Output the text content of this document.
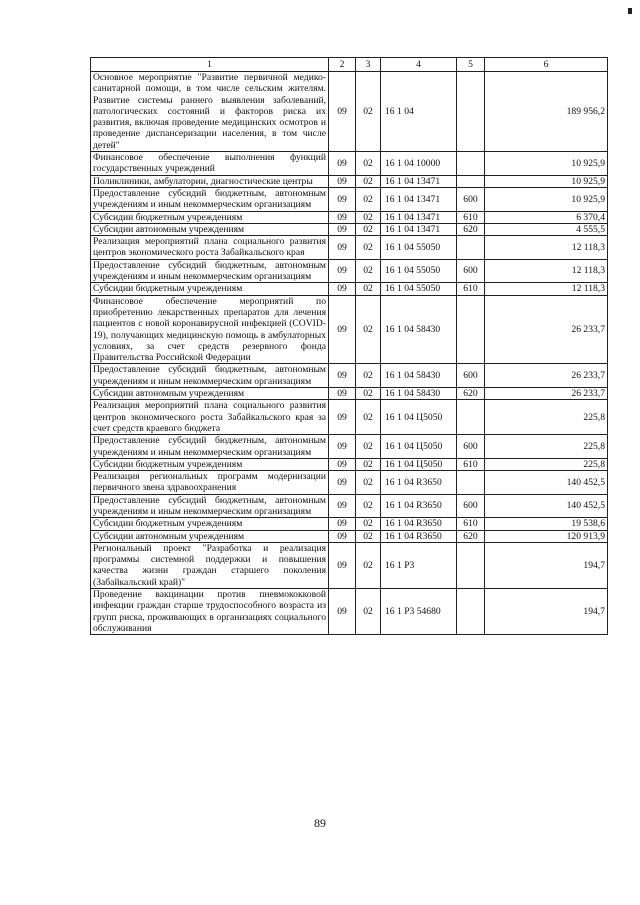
1	2	3	4	5	6
Основное мероприятие "Развитие первичной медико-санитарной помощи, в том числе сельским жителям. Развитие системы раннего выявления заболеваний, патологических состояний и факторов риска их развития, включая проведение медицинских осмотров и проведение диспансеризации населения, в том числе детей"	09	02	16 1 04		189 956,2
Финансовое обеспечение выполнения функций государственных учреждений	09	02	16 1 04 10000		10 925,9
Поликлиники, амбулатории, диагностические центры	09	02	16 1 04 13471		10 925,9
Предоставление субсидий бюджетным, автономным учреждениям и иным некоммерческим организациям	09	02	16 1 04 13471	600	10 925,9
Субсидии бюджетным учреждениям	09	02	16 1 04 13471	610	6 370,4
Субсидии автономным учреждениям	09	02	16 1 04 13471	620	4 555,5
Реализация мероприятий плана социального развития центров экономического роста Забайкальского края	09	02	16 1 04 55050		12 118,3
Предоставление субсидий бюджетным, автономным учреждениям и иным некоммерческим организациям	09	02	16 1 04 55050	600	12 118,3
Субсидии бюджетным учреждениям	09	02	16 1 04 55050	610	12 118,3
Финансовое обеспечение мероприятий по приобретению лекарственных препаратов для лечения пациентов с новой коронавирусной инфекцией (COVID-19), получающих медицинскую помощь в амбулаторных условиях, за счет средств резервного фонда Правительства Российской Федерации	09	02	16 1 04 58430		26 233,7
Предоставление субсидий бюджетным, автономным учреждениям и иным некоммерческим организациям	09	02	16 1 04 58430	600	26 233,7
Субсидии автономным учреждениям	09	02	16 1 04 58430	620	26 233,7
Реализация мероприятий плана социального развития центров экономического роста Забайкальского края за счет средств краевого бюджета	09	02	16 1 04 Ц5050		225,8
Предоставление субсидий бюджетным, автономным учреждениям и иным некоммерческим организациям	09	02	16 1 04 Ц5050	600	225,8
Субсидии бюджетным учреждениям	09	02	16 1 04 Ц5050	610	225,8
Реализация региональных программ модернизации первичного звена здравоохранения	09	02	16 1 04 R3650		140 452,5
Предоставление субсидий бюджетным, автономным учреждениям и иным некоммерческим организациям	09	02	16 1 04 R3650	600	140 452,5
Субсидии бюджетным учреждениям	09	02	16 1 04 R3650	610	19 538,6
Субсидии автономным учреждениям	09	02	16 1 04 R3650	620	120 913,9
Региональный проект "Разработка и реализация программы системной поддержки и повышения качества жизни граждан старшего поколения (Забайкальский край)"	09	02	16 1 P3		194,7
Проведение вакцинации против пневмококковой инфекции граждан старше трудоспособного возраста из групп риска, проживающих в организациях социального обслуживания	09	02	16 1 P3 54680		194,7
89
